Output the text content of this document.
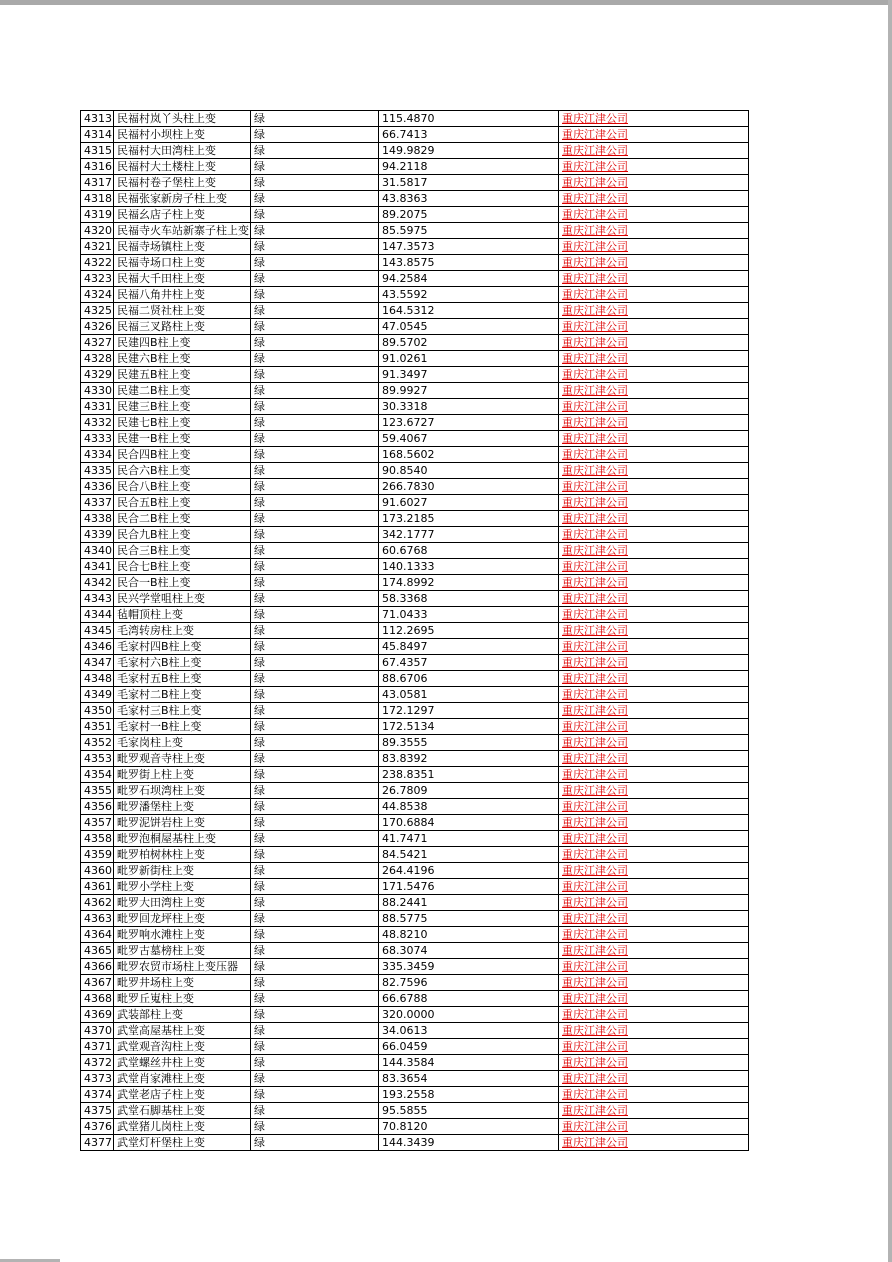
4313	民福村岚丫头柱上变	绿	115.4870	重庆江津公司
4314	民福村小坝柱上变	绿	66.7413	重庆江津公司
4315	民福村大田湾柱上变	绿	149.9829	重庆江津公司
4316	民福村大土楼柱上变	绿	94.2118	重庆江津公司
4317	民福村卷子堡柱上变	绿	31.5817	重庆江津公司
4318	民福张家新房子柱上变	绿	43.8363	重庆江津公司
4319	民福幺店子柱上变	绿	89.2075	重庆江津公司
4320	民福寺火车站新寨子柱上变	绿	85.5975	重庆江津公司
4321	民福寺场镇柱上变	绿	147.3573	重庆江津公司
4322	民福寺场口柱上变	绿	143.8575	重庆江津公司
4323	民福大千田柱上变	绿	94.2584	重庆江津公司
4324	民福八角井柱上变	绿	43.5592	重庆江津公司
4325	民福二贤社柱上变	绿	164.5312	重庆江津公司
4326	民福三叉路柱上变	绿	47.0545	重庆江津公司
4327	民建四B柱上变	绿	89.5702	重庆江津公司
4328	民建六B柱上变	绿	91.0261	重庆江津公司
4329	民建五B柱上变	绿	91.3497	重庆江津公司
4330	民建二B柱上变	绿	89.9927	重庆江津公司
4331	民建三B柱上变	绿	30.3318	重庆江津公司
4332	民建七B柱上变	绿	123.6727	重庆江津公司
4333	民建一B柱上变	绿	59.4067	重庆江津公司
4334	民合四B柱上变	绿	168.5602	重庆江津公司
4335	民合六B柱上变	绿	90.8540	重庆江津公司
4336	民合八B柱上变	绿	266.7830	重庆江津公司
4337	民合五B柱上变	绿	91.6027	重庆江津公司
4338	民合二B柱上变	绿	173.2185	重庆江津公司
4339	民合九B柱上变	绿	342.1777	重庆江津公司
4340	民合三B柱上变	绿	60.6768	重庆江津公司
4341	民合七B柱上变	绿	140.1333	重庆江津公司
4342	民合一B柱上变	绿	174.8992	重庆江津公司
4343	民兴学堂咀柱上变	绿	58.3368	重庆江津公司
4344	毡帽顶柱上变	绿	71.0433	重庆江津公司
4345	毛湾转房柱上变	绿	112.2695	重庆江津公司
4346	毛家村四B柱上变	绿	45.8497	重庆江津公司
4347	毛家村六B柱上变	绿	67.4357	重庆江津公司
4348	毛家村五B柱上变	绿	88.6706	重庆江津公司
4349	毛家村二B柱上变	绿	43.0581	重庆江津公司
4350	毛家村三B柱上变	绿	172.1297	重庆江津公司
4351	毛家村一B柱上变	绿	172.5134	重庆江津公司
4352	毛家岗柱上变	绿	89.3555	重庆江津公司
4353	毗罗观音寺柱上变	绿	83.8392	重庆江津公司
4354	毗罗街上柱上变	绿	238.8351	重庆江津公司
4355	毗罗石坝湾柱上变	绿	26.7809	重庆江津公司
4356	毗罗潘堡柱上变	绿	44.8538	重庆江津公司
4357	毗罗泥饼岩柱上变	绿	170.6884	重庆江津公司
4358	毗罗泡桐屋基柱上变	绿	41.7471	重庆江津公司
4359	毗罗柏树林柱上变	绿	84.5421	重庆江津公司
4360	毗罗新街柱上变	绿	264.4196	重庆江津公司
4361	毗罗小学柱上变	绿	171.5476	重庆江津公司
4362	毗罗大田湾柱上变	绿	88.2441	重庆江津公司
4363	毗罗回龙坪柱上变	绿	88.5775	重庆江津公司
4364	毗罗响水滩柱上变	绿	48.8210	重庆江津公司
4365	毗罗古墓榜柱上变	绿	68.3074	重庆江津公司
4366	毗罗农贸市场柱上变压器	绿	335.3459	重庆江津公司
4367	毗罗井场柱上变	绿	82.7596	重庆江津公司
4368	毗罗丘嵬柱上变	绿	66.6788	重庆江津公司
4369	武装部柱上变	绿	320.0000	重庆江津公司
4370	武堂高屋基柱上变	绿	34.0613	重庆江津公司
4371	武堂观音沟柱上变	绿	66.0459	重庆江津公司
4372	武堂螺丝井柱上变	绿	144.3584	重庆江津公司
4373	武堂肖家滩柱上变	绿	83.3654	重庆江津公司
4374	武堂老店子柱上变	绿	193.2558	重庆江津公司
4375	武堂石脚基柱上变	绿	95.5855	重庆江津公司
4376	武堂猪儿岗柱上变	绿	70.8120	重庆江津公司
4377	武堂灯杆堡柱上变	绿	144.3439	重庆江津公司
